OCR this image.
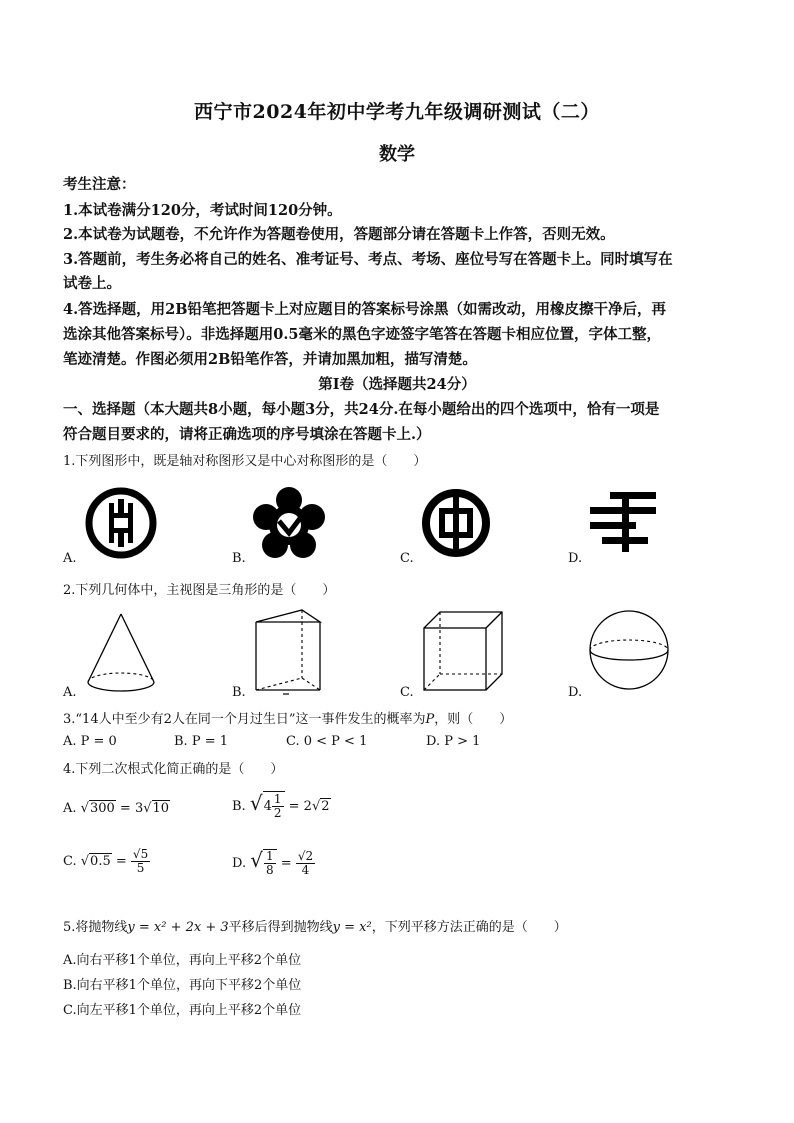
西宁市2024年初中学考九年级调研测试（二）
数学
考生注意：
1.本试卷满分120分，考试时间120分钟。
2.本试卷为试题卷，不允许作为答题卷使用，答题部分请在答题卡上作答，否则无效。
3.答题前，考生务必将自己的姓名、准考证号、考点、考场、座位号写在答题卡上。同时填写在
试卷上。
4.答选择题，用2B铅笔把答题卡上对应题目的答案标号涂黑（如需改动，用橡皮擦干净后，再
选涂其他答案标号）。非选择题用0.5毫米的黑色字迹签字笔答在答题卡相应位置，字体工整，
笔迹清楚。作图必须用2B铅笔作答，并请加黑加粗，描写清楚。
第Ⅰ卷（选择题共24分）
一、选择题（本大题共8小题，每小题3分，共24分.在每小题给出的四个选项中，恰有一项是
符合题目要求的，请将正确选项的序号填涂在答题卡上.）
1.下列图形中，既是轴对称图形又是中心对称图形的是（　　）
A.	B.	C.	D.
2.下列几何体中，主视图是三角形的是（　　）
A.	B.	C.	D.
3.“14人中至少有2人在同一个月过生日”这一事件发生的概率为P，则（　　）
A. P = 0	B. P = 1	C. 0 < P < 1	D. P > 1
4.下列二次根式化简正确的是（　　）
A. √300 = 3√10	B. $√4 \frac{1}{2} = 2√2$
C. $√0.5 = \frac{√5}{5}$	D. √ $\frac{1}{8} = \frac{√2}{4}$
5.将抛物线y = x² + 2x + 3平移后得到抛物线y = x²，下列平移方法正确的是（　　）
A.向右平移1个单位，再向上平移2个单位
B.向右平移1个单位，再向下平移2个单位
C.向左平移1个单位，再向上平移2个单位
